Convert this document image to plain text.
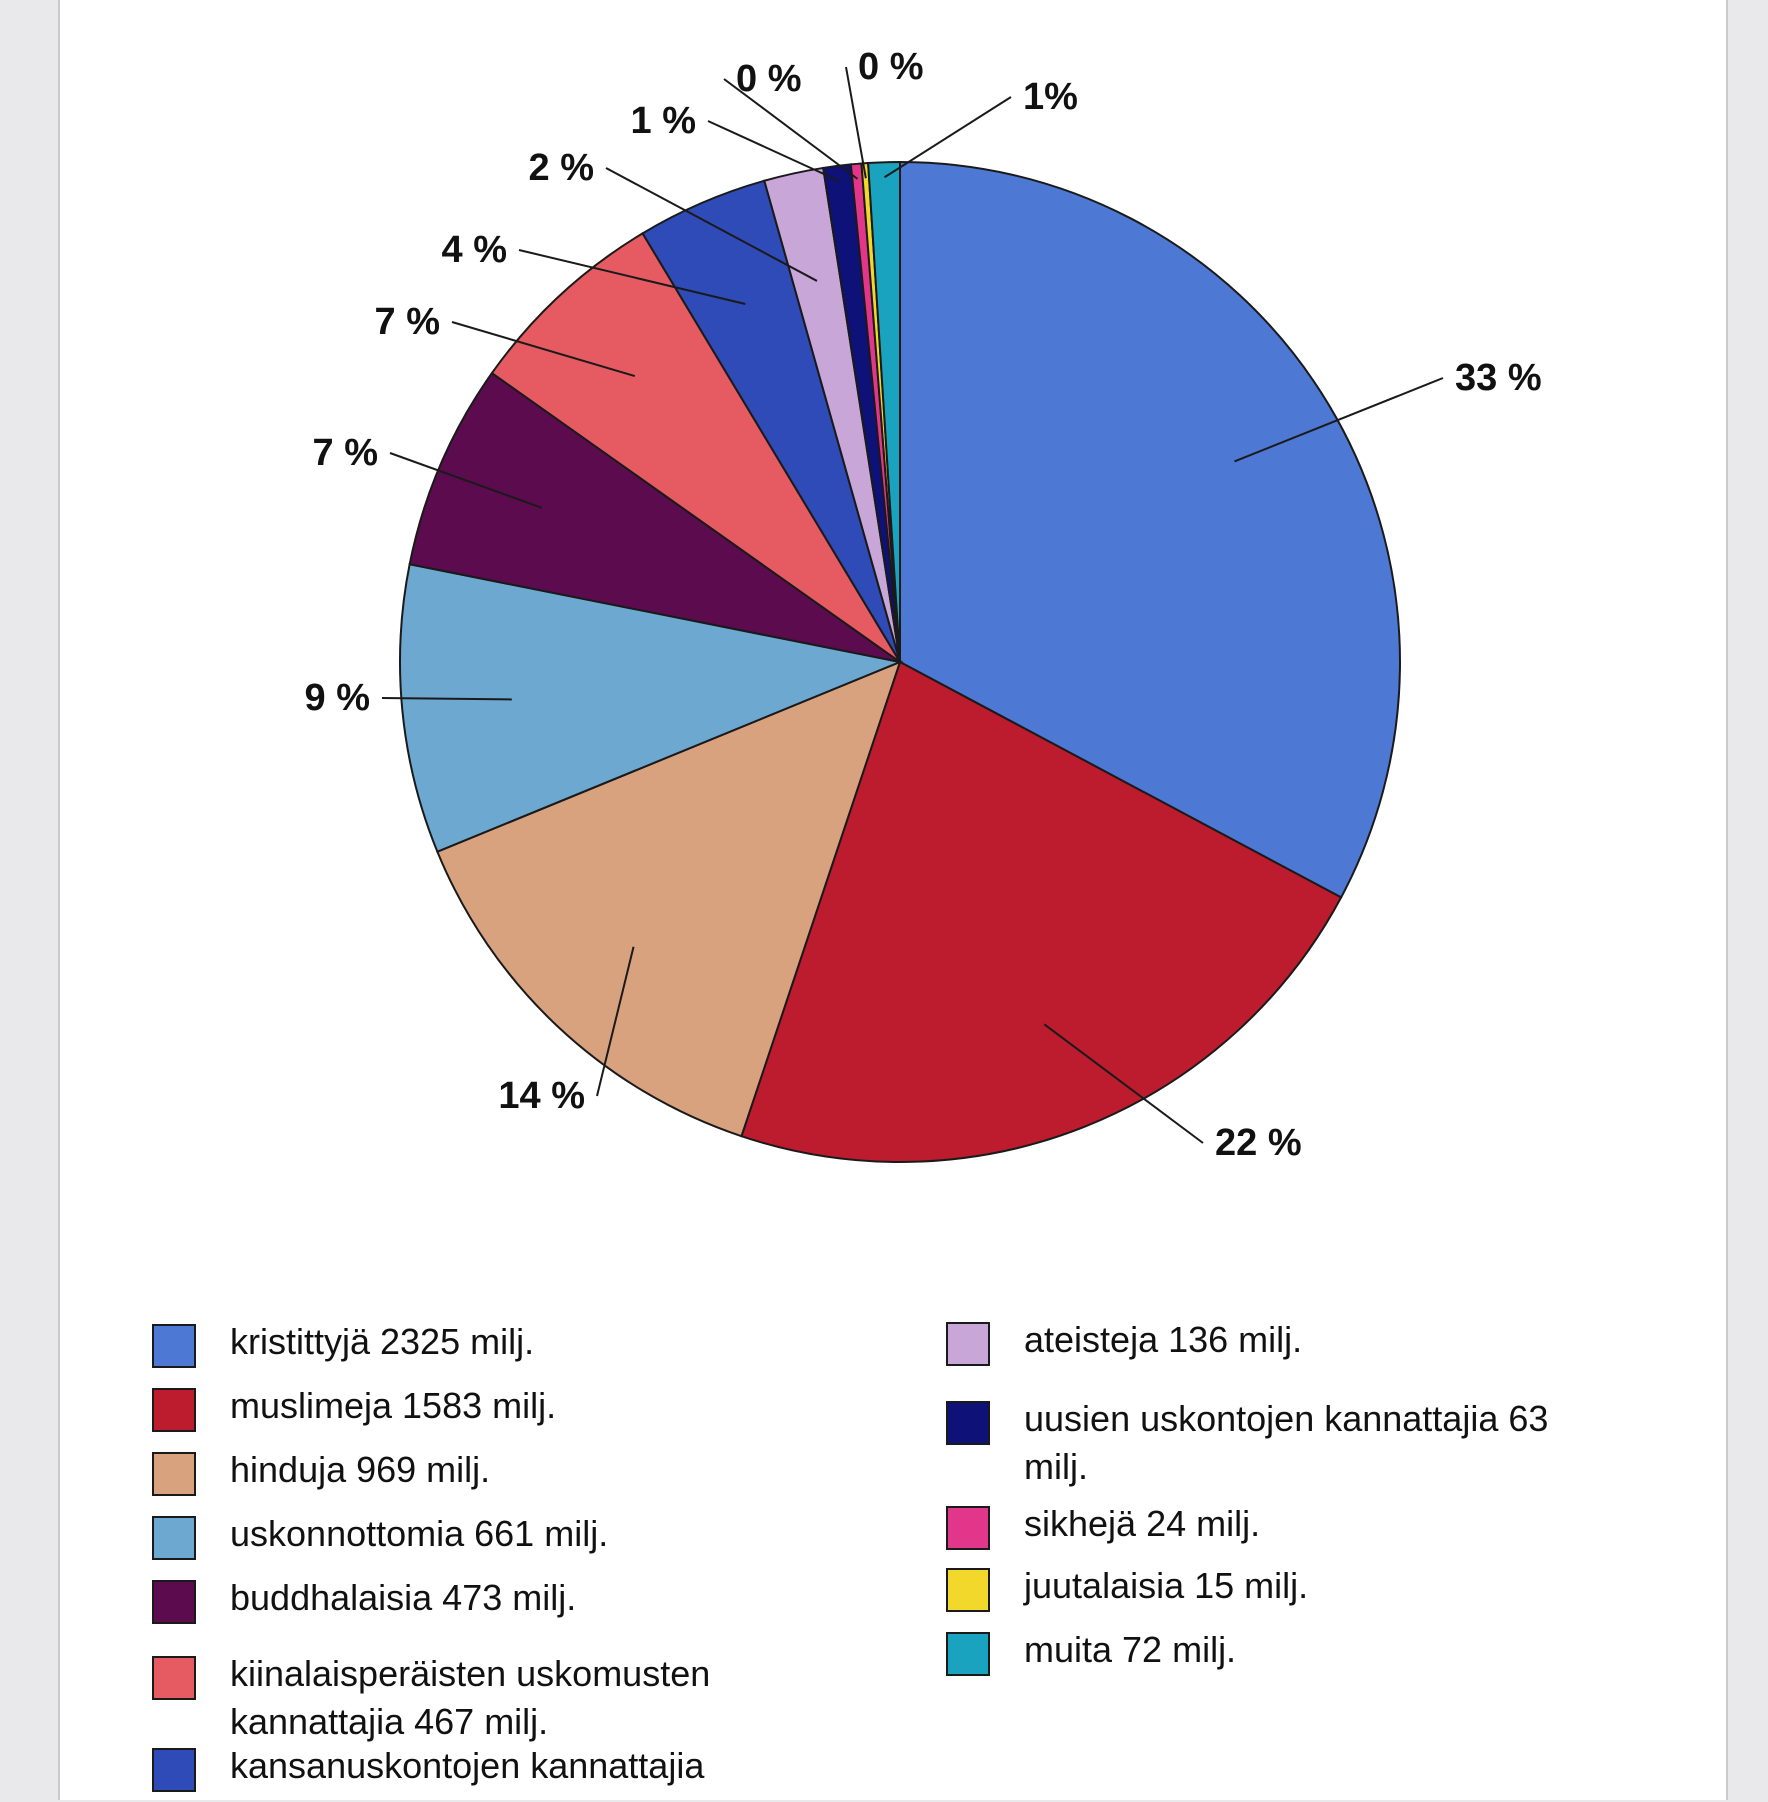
33 %
22 %
14 %
9 %
7 %
7 %
4 %
2 %
1 %
0 % 0 %
1%
kristittyjä 2325 milj.
muslimeja 1583 milj.
hinduja 969 milj.
uskonnottomia 661 milj.
buddhalaisia 473 milj.
kiinalaisperäisten uskomusten kannattajia 467 milj.
kansanuskontojen kannattajia
ateisteja 136 milj.
uusien uskontojen kannattajia 63 milj.
sikhejä 24 milj.
juutalaisia 15 milj.
muita 72 milj.
